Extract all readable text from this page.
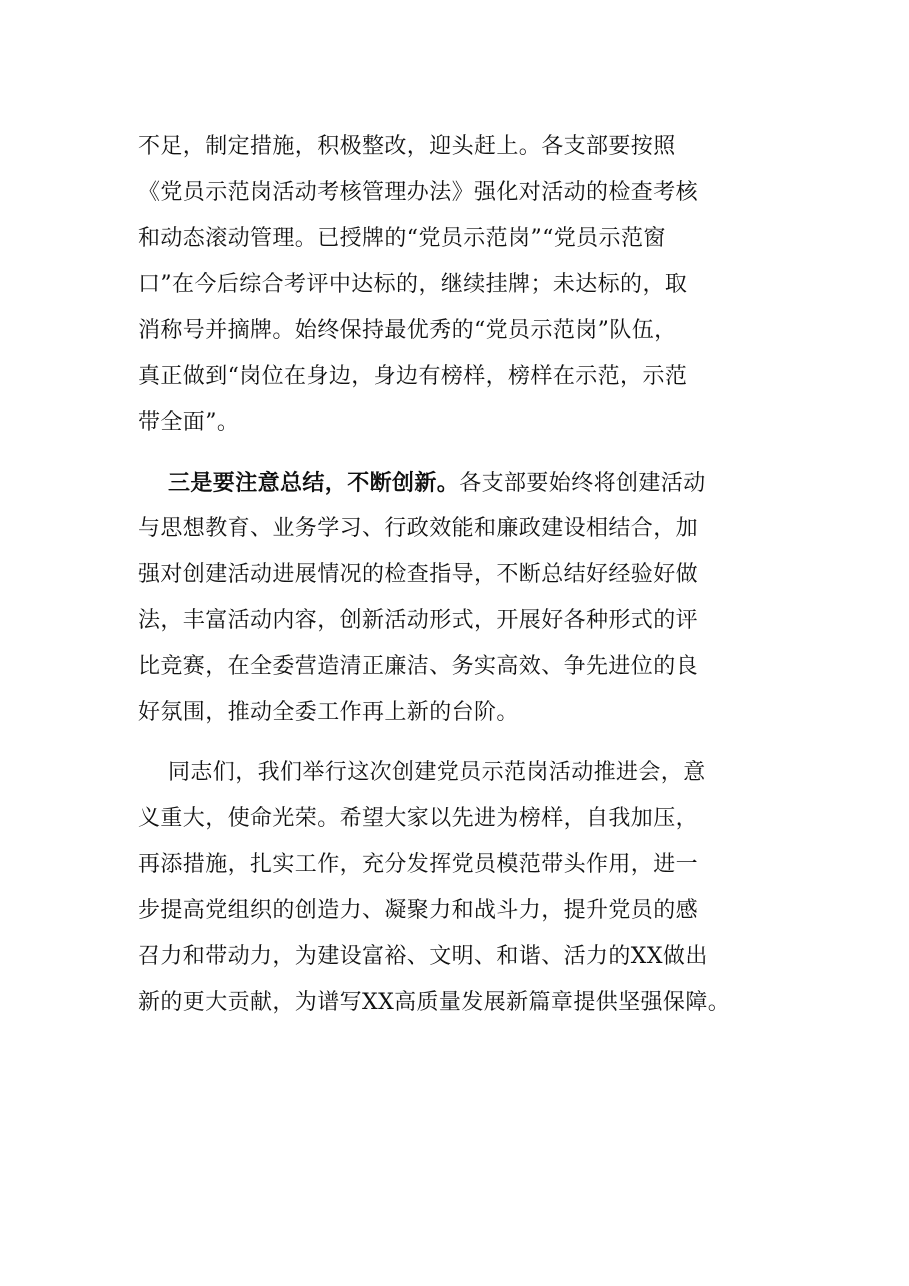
不足，制定措施，积极整改，迎头赶上。各支部要按照
《党员示范岗活动考核管理办法》强化对活动的检查考核
和动态滚动管理。已授牌的“党员示范岗”“党员示范窗
口”在今后综合考评中达标的，继续挂牌；未达标的，取
消称号并摘牌。始终保持最优秀的“党员示范岗”队伍，
真正做到“岗位在身边，身边有榜样，榜样在示范，示范
带全面”。
三是要注意总结，不断创新。各支部要始终将创建活动
与思想教育、业务学习、行政效能和廉政建设相结合，加
强对创建活动进展情况的检查指导，不断总结好经验好做
法，丰富活动内容，创新活动形式，开展好各种形式的评
比竞赛，在全委营造清正廉洁、务实高效、争先进位的良
好氛围，推动全委工作再上新的台阶。
同志们，我们举行这次创建党员示范岗活动推进会，意
义重大，使命光荣。希望大家以先进为榜样，自我加压，
再添措施，扎实工作，充分发挥党员模范带头作用，进一
步提高党组织的创造力、凝聚力和战斗力，提升党员的感
召力和带动力，为建设富裕、文明、和谐、活力的XX做出
新的更大贡献，为谱写XX高质量发展新篇章提供坚强保障。
